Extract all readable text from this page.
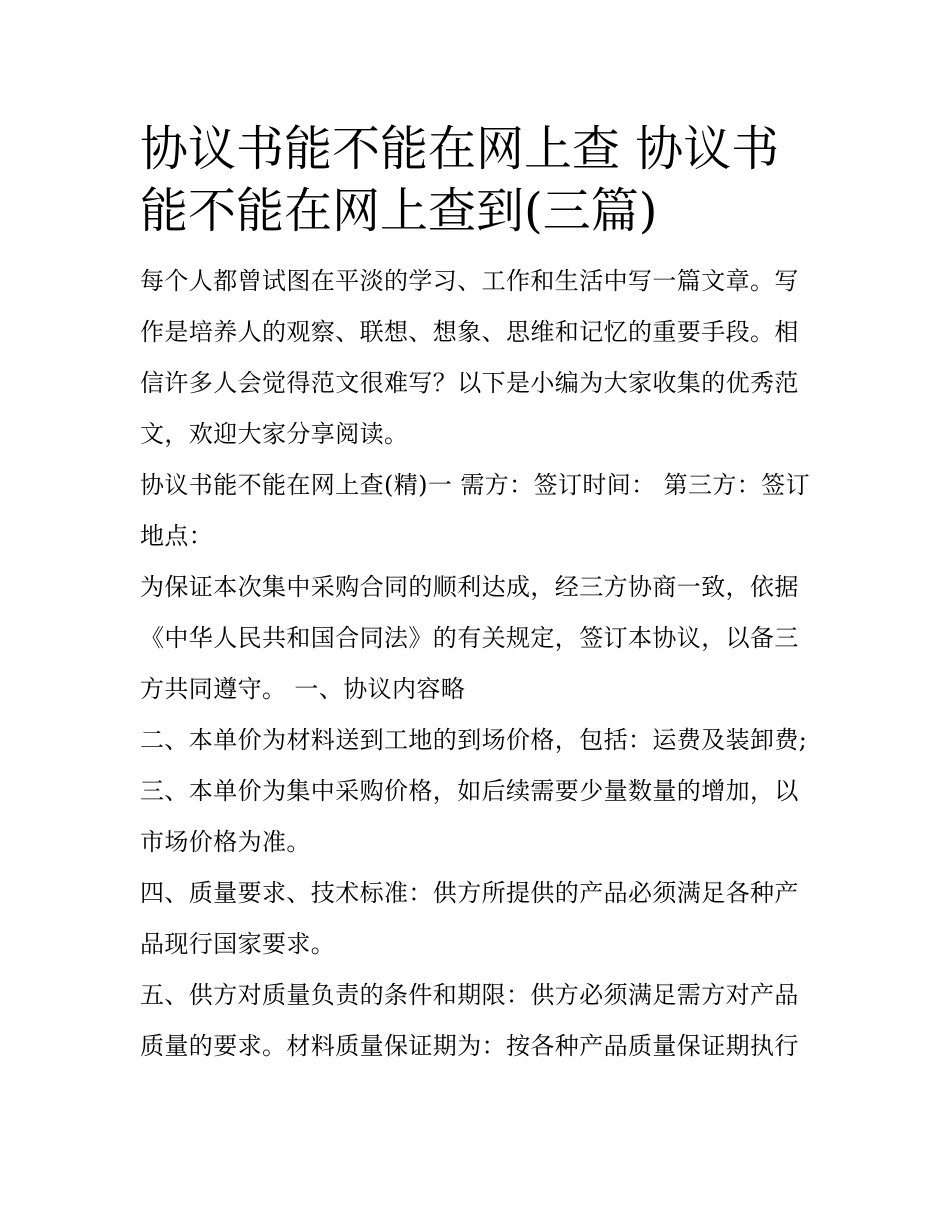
协议书能不能在网上查 协议书能不能在网上查到(三篇)

每个人都曾试图在平淡的学习、工作和生活中写一篇文章。写作是培养人的观察、联想、想象、思维和记忆的重要手段。相信许多人会觉得范文很难写？以下是小编为大家收集的优秀范文，欢迎大家分享阅读。

协议书能不能在网上查(精)一 需方：签订时间： 第三方：签订地点：

为保证本次集中采购合同的顺利达成，经三方协商一致，依据《中华人民共和国合同法》的有关规定，签订本协议，以备三方共同遵守。 一、协议内容略

二、本单价为材料送到工地的到场价格，包括：运费及装卸费; 三、本单价为集中采购价格，如后续需要少量数量的增加，以市场价格为准。

四、质量要求、技术标准：供方所提供的产品必须满足各种产品现行国家要求。

五、供方对质量负责的条件和期限：供方必须满足需方对产品质量的要求。材料质量保证期为：按各种产品质量保证期执行
